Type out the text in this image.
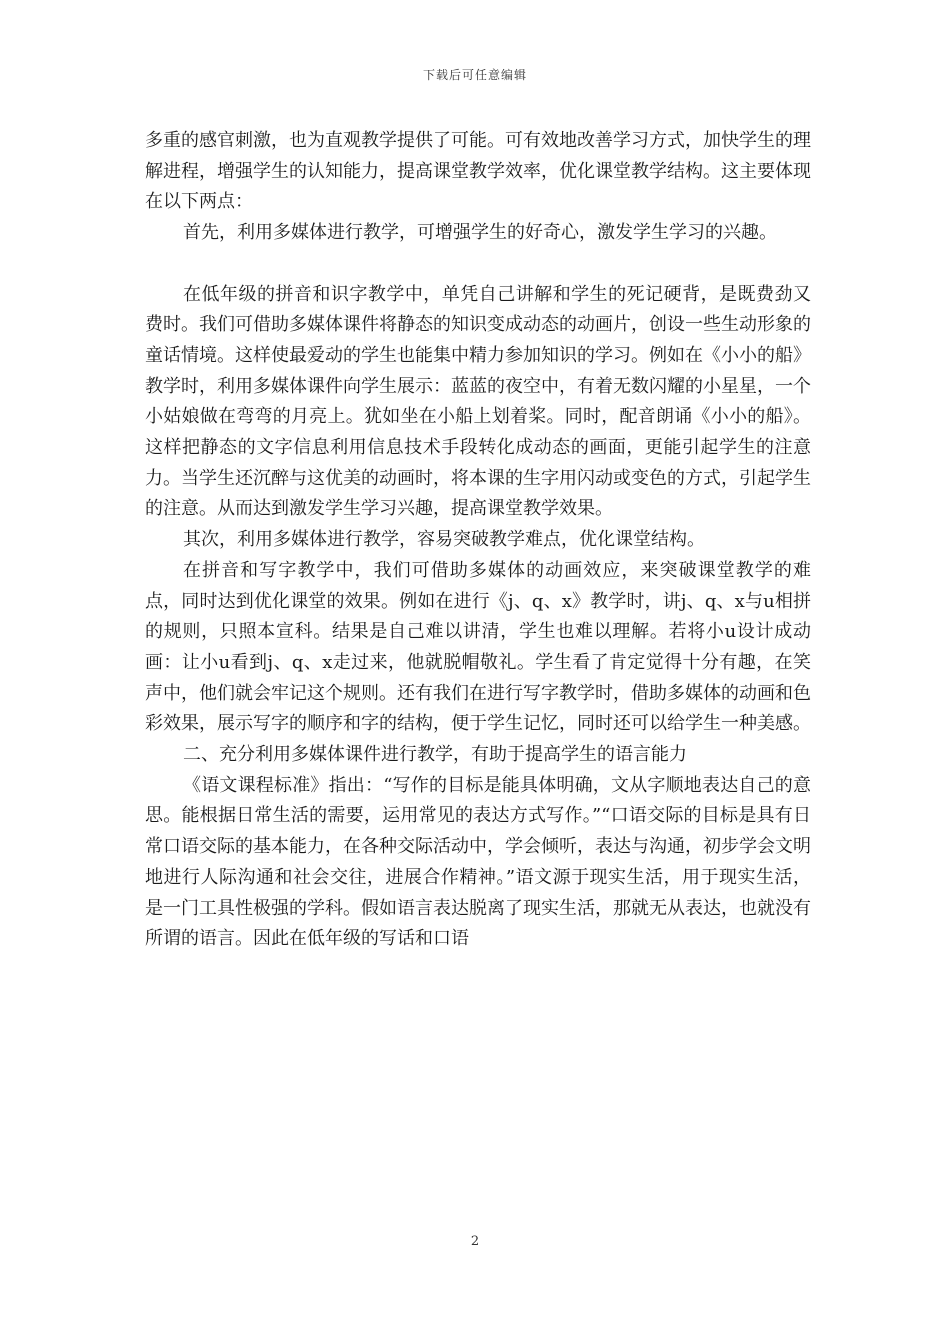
下载后可任意编辑

多重的感官刺激，也为直观教学提供了可能。可有效地改善学习方式，加快学生的理解进程，增强学生的认知能力，提高课堂教学效率，优化课堂教学结构。这主要体现在以下两点：

首先，利用多媒体进行教学，可增强学生的好奇心，激发学生学习的兴趣。

在低年级的拼音和识字教学中，单凭自己讲解和学生的死记硬背，是既费劲又费时。我们可借助多媒体课件将静态的知识变成动态的动画片，创设一些生动形象的童话情境。这样使最爱动的学生也能集中精力参加知识的学习。例如在《小小的船》教学时，利用多媒体课件向学生展示：蓝蓝的夜空中，有着无数闪耀的小星星，一个小姑娘做在弯弯的月亮上。犹如坐在小船上划着桨。同时，配音朗诵《小小的船》。这样把静态的文字信息利用信息技术手段转化成动态的画面，更能引起学生的注意力。当学生还沉醉与这优美的动画时，将本课的生字用闪动或变色的方式，引起学生的注意。从而达到激发学生学习兴趣，提高课堂教学效果。

其次，利用多媒体进行教学，容易突破教学难点，优化课堂结构。

在拼音和写字教学中，我们可借助多媒体的动画效应，来突破课堂教学的难点，同时达到优化课堂的效果。例如在进行《j、q、x》教学时，讲j、q、x与u相拼的规则，只照本宣科。结果是自己难以讲清，学生也难以理解。若将小u设计成动画：让小u看到j、q、x走过来，他就脱帽敬礼。学生看了肯定觉得十分有趣，在笑声中，他们就会牢记这个规则。还有我们在进行写字教学时，借助多媒体的动画和色彩效果，展示写字的顺序和字的结构，便于学生记忆，同时还可以给学生一种美感。

二、充分利用多媒体课件进行教学，有助于提高学生的语言能力

《语文课程标准》指出：“写作的目标是能具体明确，文从字顺地表达自己的意思。能根据日常生活的需要，运用常见的表达方式写作。”“口语交际的目标是具有日常口语交际的基本能力，在各种交际活动中，学会倾听，表达与沟通，初步学会文明地进行人际沟通和社会交往，进展合作精神。”语文源于现实生活，用于现实生活，是一门工具性极强的学科。假如语言表达脱离了现实生活，那就无从表达，也就没有所谓的语言。因此在低年级的写话和口语

2
